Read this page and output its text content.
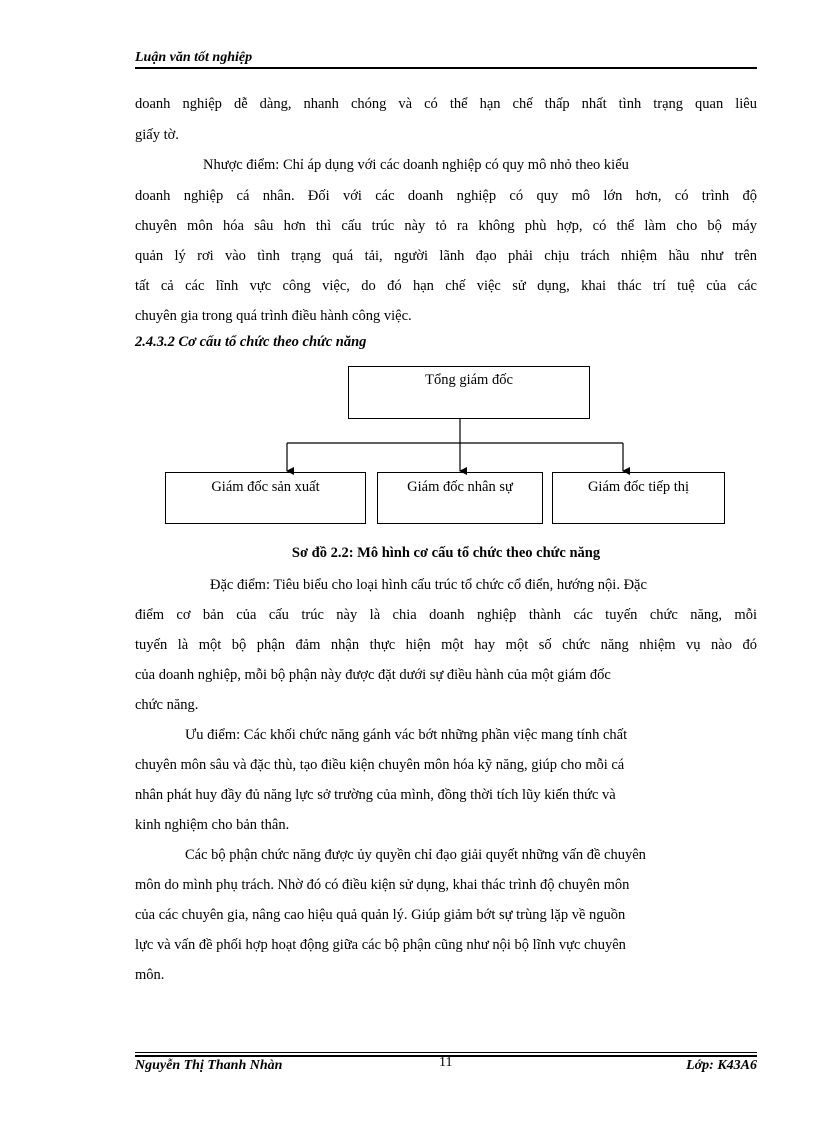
Luận văn tốt nghiệp
doanh nghiệp dễ dàng, nhanh chóng và có thể hạn chế thấp nhất tình trạng quan liêu
giấy tờ.
Nhược điểm: Chỉ áp dụng với các doanh nghiệp có quy mô nhỏ theo kiểu
doanh nghiệp cá nhân. Đối với các doanh nghiệp có quy mô lớn hơn, có trình độ
chuyên môn hóa sâu hơn thì cấu trúc này tỏ ra không phù hợp, có thể làm cho bộ máy
quản lý rơi vào tình trạng quá tải, người lãnh đạo phải chịu trách nhiệm hầu như trên
tất cả các lĩnh vực công việc, do đó hạn chế việc sử dụng, khai thác trí tuệ của các
chuyên gia trong quá trình điều hành công việc.
2.4.3.2 Cơ cấu tổ chức theo chức năng
Tổng giám đốc
Giám đốc sản xuất	Giám đốc nhân sự	Giám đốc tiếp thị
Sơ đồ 2.2: Mô hình cơ cấu tổ chức theo chức năng
Đặc điểm: Tiêu biểu cho loại hình cấu trúc tổ chức cổ điển, hướng nội. Đặc
điểm cơ bản của cấu trúc này là chia doanh nghiệp thành các tuyến chức năng, mỗi
tuyến là một bộ phận đảm nhận thực hiện một hay một số chức năng nhiệm vụ nào đó
của doanh nghiệp, mỗi bộ phận này được đặt dưới sự điều hành của một giám đốc
chức năng.
Ưu điểm: Các khối chức năng gánh vác bớt những phần việc mang tính chất
chuyên môn sâu và đặc thù, tạo điều kiện chuyên môn hóa kỹ năng, giúp cho mỗi cá
nhân phát huy đầy đủ năng lực sở trường của mình, đồng thời tích lũy kiến thức và
kinh nghiệm cho bản thân.
Các bộ phận chức năng được ủy quyền chỉ đạo giải quyết những vấn đề chuyên
môn do mình phụ trách. Nhờ đó có điều kiện sử dụng, khai thác trình độ chuyên môn
của các chuyên gia, nâng cao hiệu quả quản lý. Giúp giảm bớt sự trùng lặp về nguồn
lực và vấn đề phối hợp hoạt động giữa các bộ phận cũng như nội bộ lĩnh vực chuyên
môn.
Nguyễn Thị Thanh Nhàn	11	Lớp: K43A6
